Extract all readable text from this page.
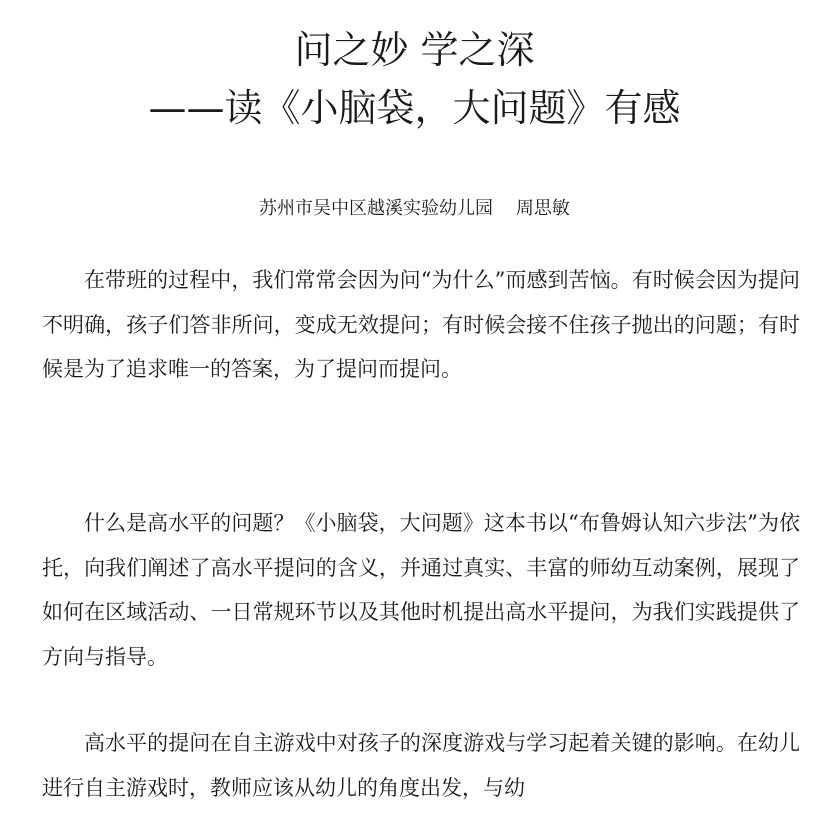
问之妙 学之深
——读《小脑袋，大问题》有感
苏州市吴中区越溪实验幼儿园    周思敏

在带班的过程中，我们常常会因为问“为什么”而感到苦恼。有时候会因为提问不明确，孩子们答非所问，变成无效提问；有时候会接不住孩子抛出的问题；有时候是为了追求唯一的答案，为了提问而提问。

什么是高水平的问题？《小脑袋，大问题》这本书以“布鲁姆认知六步法”为依托，向我们阐述了高水平提问的含义，并通过真实、丰富的师幼互动案例，展现了如何在区域活动、一日常规环节以及其他时机提出高水平提问，为我们实践提供了方向与指导。

高水平的提问在自主游戏中对孩子的深度游戏与学习起着关键的影响。在幼儿进行自主游戏时，教师应该从幼儿的角度出发，与幼
